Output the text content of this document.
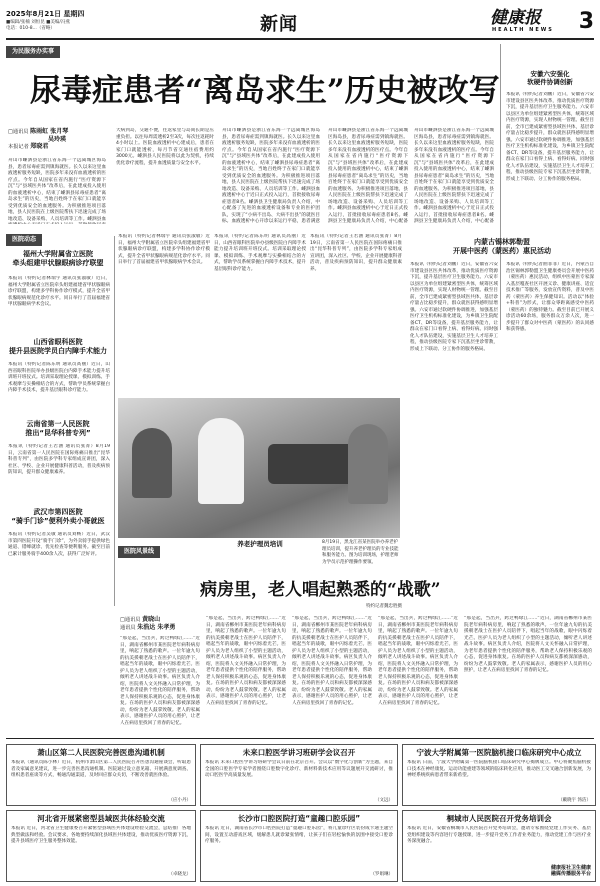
2025年8月21日 星期四
■编辑/张楠 刘恒昆 ■美编/冯燕
电话：010-8...（省略）	新闻	健康报
HEALTH NEWS 3
为民服务办实事
尿毒症患者“离岛求生”历史被改写
□通讯员 陈雨虹 张月琴
吴玲瑛
本报记者 郑晓君
舟山市嵊泗县是浙江省东海一个远离城区海岛县，患者尿毒症需到镇海就医。长久以来这里血液透析服务短缺，医院多年来没有血液透析的医疗点。今年自从国家在省内施行“医疗资源下沉”与“县域医共体”改革后，在此建成投入使用的血液透析中心，结束了嵊泗县尿毒症患者“离岛求生”的历史，当地百姓终于在家门口就能享受到优质安全的血透服务。为积极推进项目落地，县人民医院在上级医院帮扶下迅速完成了场地改造、设备采购、人员培训等工作。嵊泗县血
大病到岛，交通不便，往返家里与岛间长期是压重负担。以往每周需透析2至3次，每次往返耗时4小时以上。医院血液透析中心建成后，患者在家门口就能透析，每月节省交通住宿费用约3000元。嵊泗县人民医院将以此为契机，持续优化诊疗流程，提升血透质量与安全水平。
舟山市嵊泗县是浙江省东海一个远离城区海岛县，患者尿毒症需到镇海就医。长久以来这里血液透析服务短缺，医院多年来没有血液透析的医疗点。今年自从国家在省内施行“医疗资源下沉”与“县域医共体”改革后，在此建成投入使用的血液透析中心，结束了嵊泗县尿毒症患者“离岛求生”的历史，当地百姓终于在家门口就能享受到优质安全的血透服务。为积极推进项目落地，县人民医院在上级医院帮扶下迅速完成了场地改造、设备采购、人员培训等工作。嵊泗县血液透析中心于近日正式投入运行，首批接收尿毒症患者8名。嵊泗县卫生健康局负责人介绍，中心配备了先进的血液透析设备和专业的医护团队，实现了“小病不出岛、大病不出县”的就医目标。血液透析中心开诊以来运行平稳，患者满意
舟山市嵊泗县是浙江省东海一个远离城区海岛县，患者尿毒症需到镇海就医。长久以来这里血液透析服务短缺，医院多年来没有血液透析的医疗点。今年自从国家在省内施行“医疗资源下沉”与“县域医共体”改革后，在此建成投入使用的血液透析中心，结束了嵊泗县尿毒症患者“离岛求生”的历史，当地百姓终于在家门口就能享受到优质安全的血透服务。为积极推进项目落地，县人民医院在上级医院帮扶下迅速完成了场地改造、设备采购、人员培训等工作。嵊泗县血液透析中心于近日正式投入运行，首批接收尿毒症患者8名。嵊泗县卫生健康局负责人介绍，中心配备
舟山市嵊泗县是浙江省东海一个远离城区海岛县，患者尿毒症需到镇海就医。长久以来这里血液透析服务短缺，医院多年来没有血液透析的医疗点。今年自从国家在省内施行“医疗资源下沉”与“县域医共体”改革后，在此建成投入使用的血液透析中心，结束了嵊泗县尿毒症患者“离岛求生”的历史，当地百姓终于在家门口就能享受到优质安全的血透服务。为积极推进项目落地，县人民医院在上级医院帮扶下迅速完成了场地改造、设备采购、人员培训等工作。嵊泗县血液透析中心于近日正式投入运行，首批接收尿毒症患者8名。嵊泗县卫生健康局负责人介绍，中心配备
安徽六安强化
软硬件协调创新
本报讯（特约记者刘鹏）近日，安徽省六安市建设县区医共体改革，推动优质医疗资源下沉，提升基层医疗卫生服务能力。六安市以县区为单位组建紧密型医共体，统筹区域内医疗资源，实现人财物统一管理。截至目前，全市已建成紧密型县域医共体，基层诊疗量占比稳步提升，群众就医获得感明显增强。六安市通过软硬件协调推进，加强基层医疗卫生机构标准化建设，为乡镇卫生院配备CT、DR等设备，提升基层服务能力，让群众在家门口看得上病、看得好病。同时强化人才队伍建设，实施基层卫生人才培养工程，推动县级医院专家下沉基层坐诊带教，形成上下联动、分工协作的服务格局。
医院动态
福州大学附属省立医院
牵头组建甲状腺眼病诊疗联盟
本报讯（特约记者林瑞宇 通讯员张淑敏）近日，福州大学附属省立医院牵头组建福建省甲状腺眼病诊疗联盟，构建多学科协作诊疗模式，提升全省甲状腺眼病规范化诊疗水平。同日举行了首届福建省甲状腺眼病学术会议。
山西省眼科医院
提升县医院学员白内障手术能力
本报讯（特约记者陈东明 通讯员高丽）近日，山西省眼科医院举办县级医院白内障手术能力提升培训班开班仪式。培训采取理论授课、模拟训练、手术观摩与实操相结合的方式，帮助学员系统掌握白内障手术技术，提升基层眼科诊疗能力。
云南省第一人民医院
推出“昆华科普专列”
本报讯（特约记者王若涵 通讯员张菁）8月19日，云南省第一人民医院在国际疼痛日推出“昆华科普专列”，由医院多学科专家组成宣讲团，深入社区、学校、企业开展健康科普活动，普及疾病预防知识，提升群众健康素养。
武汉市第四医院
“骑手门诊”便利外卖小哥就医
本报讯（特约记者吴敏 通讯员刘畅）近日，武汉市第四医院开设“骑手门诊”，为外卖骑手提供绿色通道、错峰就诊、优先检查等便利服务。截至目前已累计服务骑手400余人次，获得广泛好评。
本报讯（特约记者林瑞宇 通讯员张淑敏）近日，福州大学附属省立医院牵头组建福建省甲状腺眼病诊疗联盟，构建多学科协作诊疗模式，提升全省甲状腺眼病规范化诊疗水平。同日举行了首届福建省甲状腺眼病学术会议。
本报讯（特约记者陈东明 通讯员高丽）近日，山西省眼科医院举办县级医院白内障手术能力提升培训班开班仪式。培训采取理论授课、模拟训练、手术观摩与实操相结合的方式，帮助学员系统掌握白内障手术技术，提升基层眼科诊疗能力。
本报讯（特约记者王若涵 通讯员张菁）8月19日，云南省第一人民医院在国际疼痛日推出“昆华科普专列”，由医院多学科专家组成宣讲团，深入社区、学校、企业开展健康科普活动，普及疾病预防知识，提升群众健康素养。
养老护理员培训	8月19日，黑龙江省某医院举办养老护理员培训，提升养老护理员的专业技能和服务能力。图为培训现场，护理老师为学员示范护理操作要领。
特约记者魏忠胜摄
内蒙古锡林郭勒盟
开展中医药（蒙医药）惠民活动
本报讯（特约记者刘鹏）近日，安徽省六安市建设县区医共体改革，推动优质医疗资源下沉，提升基层医疗卫生服务能力。六安市以县区为单位组建紧密型医共体，统筹区域内医疗资源，实现人财物统一管理。截至目前，全市已建成紧密型县域医共体，基层诊疗量占比稳步提升，群众就医获得感明显增强。六安市通过软硬件协调推进，加强基层医疗卫生机构标准化建设，为乡镇卫生院配备CT、DR等设备，提升基层服务能力，让群众在家门口看得上病、看得好病。同时强化人才队伍建设，实施基层卫生人才培养工程，推动县级医院专家下沉基层坐诊带教，形成上下联动、分工协作的服务格局。
本报讯（特约记者曲菲菲）近日，内蒙古自治区锡林郭勒盟卫生健康委员会开展中医药（蒙医药）惠民活动，组织中医蒙医专家深入基层嘎查社区开展义诊、健康讲座、适宜技术推广等服务，发放宣传资料，普及中医药（蒙医药）养生保健知识。活动以“体验+科普”为形式，让群众零距离感受中医药（蒙医药）的独特魅力。截至目前已开展义诊活动60余场，服务群众万余人次，进一步提升了群众对中医药（蒙医药）的认同感和获得感。
医院风景线
病房里，老人唱起熟悉的“战歌”
□通讯员 黄晓山
通讯员 朱浩达 朱孝勇
“那是起，当出兵，跨过鸭绿江……”近日，湖南省郴州市某医院老年病科病房里，响起了熟悉的歌声。一位年逾九旬的抗美援朝老战士在医护人员陪伴下，唱起当年的战歌，眼中闪烁着光芒。医护人员为老人组织了小型的主题活动，倾听老人讲述战斗故事。病区负责人介绍，医院将人文关怀融入日常护理，为老年患者提供个性化的陪伴服务，帮助老人保持积极乐观的心态，促进身体康复。在场的医护人员和病友都被深深感动，纷纷为老人鼓掌致敬。老人的家属表示，感谢医护人员的用心照护，让老人在病房里找回了青春的记忆。
“那是起，当出兵，跨过鸭绿江……”近日，湖南省郴州市某医院老年病科病房里，响起了熟悉的歌声。一位年逾九旬的抗美援朝老战士在医护人员陪伴下，唱起当年的战歌，眼中闪烁着光芒。医护人员为老人组织了小型的主题活动，倾听老人讲述战斗故事。病区负责人介绍，医院将人文关怀融入日常护理，为老年患者提供个性化的陪伴服务，帮助老人保持积极乐观的心态，促进身体康复。在场的医护人员和病友都被深深感动，纷纷为老人鼓掌致敬。老人的家属表示，感谢医护人员的用心照护，让老人在病房里找回了青春的记忆。
“那是起，当出兵，跨过鸭绿江……”近日，湖南省郴州市某医院老年病科病房里，响起了熟悉的歌声。一位年逾九旬的抗美援朝老战士在医护人员陪伴下，唱起当年的战歌，眼中闪烁着光芒。医护人员为老人组织了小型的主题活动，倾听老人讲述战斗故事。病区负责人介绍，医院将人文关怀融入日常护理，为老年患者提供个性化的陪伴服务，帮助老人保持积极乐观的心态，促进身体康复。在场的医护人员和病友都被深深感动，纷纷为老人鼓掌致敬。老人的家属表示，感谢医护人员的用心照护，让老人在病房里找回了青春的记忆。
“那是起，当出兵，跨过鸭绿江……”近日，湖南省郴州市某医院老年病科病房里，响起了熟悉的歌声。一位年逾九旬的抗美援朝老战士在医护人员陪伴下，唱起当年的战歌，眼中闪烁着光芒。医护人员为老人组织了小型的主题活动，倾听老人讲述战斗故事。病区负责人介绍，医院将人文关怀融入日常护理，为老年患者提供个性化的陪伴服务，帮助老人保持积极乐观的心态，促进身体康复。在场的医护人员和病友都被深深感动，纷纷为老人鼓掌致敬。老人的家属表示，感谢医护人员的用心照护，让老人在病房里找回了青春的记忆。
“那是起，当出兵，跨过鸭绿江……”近日，湖南省郴州市某医院老年病科病房里，响起了熟悉的歌声。一位年逾九旬的抗美援朝老战士在医护人员陪伴下，唱起当年的战歌，眼中闪烁着光芒。医护人员为老人组织了小型的主题活动，倾听老人讲述战斗故事。病区负责人介绍，医院将人文关怀融入日常护理，为老年患者提供个性化的陪伴服务，帮助老人保持积极乐观的心态，促进身体康复。在场的医护人员和病友都被深深感动，纷纷为老人鼓掌致敬。老人的家属表示，感谢医护人员的用心照护，让老人在病房里找回了青春的记忆。
萧山区第二人民医院完善医患沟通机制
本报讯（通讯员陈小林）近日，杭州市萧山区第二人民医院召开医患沟通座谈会，听取患者及家属意见建议，进一步完善医患沟通机制。医院通过设立意见箱、开展满意度调查、组织患者座谈等方式，畅通沟通渠道，及时回应群众关切，不断改善就医体验。
（应小丹）
未来口腔医学讲习班研学会议召开
本报讯 未来口腔医学讲习班研学会议日前在北京召开。会议以“数字化与创新”为主题，来自全国的口腔医学专家学者围绕口腔数字化诊疗、新材料新技术应用等议题展开交流研讨，推动口腔医学高质量发展。
（文远）
宁波大学附属第一医院脑机接口临床研究中心成立
本报讯 日前，宁波大学附属第一医院脑机接口临床研究中心揭牌成立。中心将聚焦脑机接口技术在神经康复、运动功能重建等领域的临床转化应用，推动医工交叉融合创新发展，为神经系统疾病患者带来新希望。
（戴晓宇 汤洁）
河北省开展紧密型县域医共体经验交流
本报讯 近日，河北省卫生健康委召开紧密型县域医共体建设经验交流会，总结推广各地典型做法和经验。会议要求，各地要持续深化县域医共体建设，推动优质医疗资源下沉，提升县域医疗卫生服务整体效能。
（卓晓龙）
长沙市口腔医院打造“童趣口腔乐园”
本报讯 近日，湖南省长沙市口腔医院打造“童趣口腔乐园”，将儿童诊疗区装扮成卡通主题空间，设置互动游戏区域，缓解患儿就诊紧张情绪，让孩子们在轻松愉快的氛围中接受口腔诊疗服务。
（罗娟琳）
桐城市人民医院召开党务培训会
本报讯 近日，安徽省桐城市人民医院召开党务培训会，邀请专家围绕党建工作实务、基层党组织建设等内容进行专题授课，进一步提升党务工作者业务能力，推动党建工作与医疗业务深度融合。
健康报社卫生健康
融媒传播服务平台
